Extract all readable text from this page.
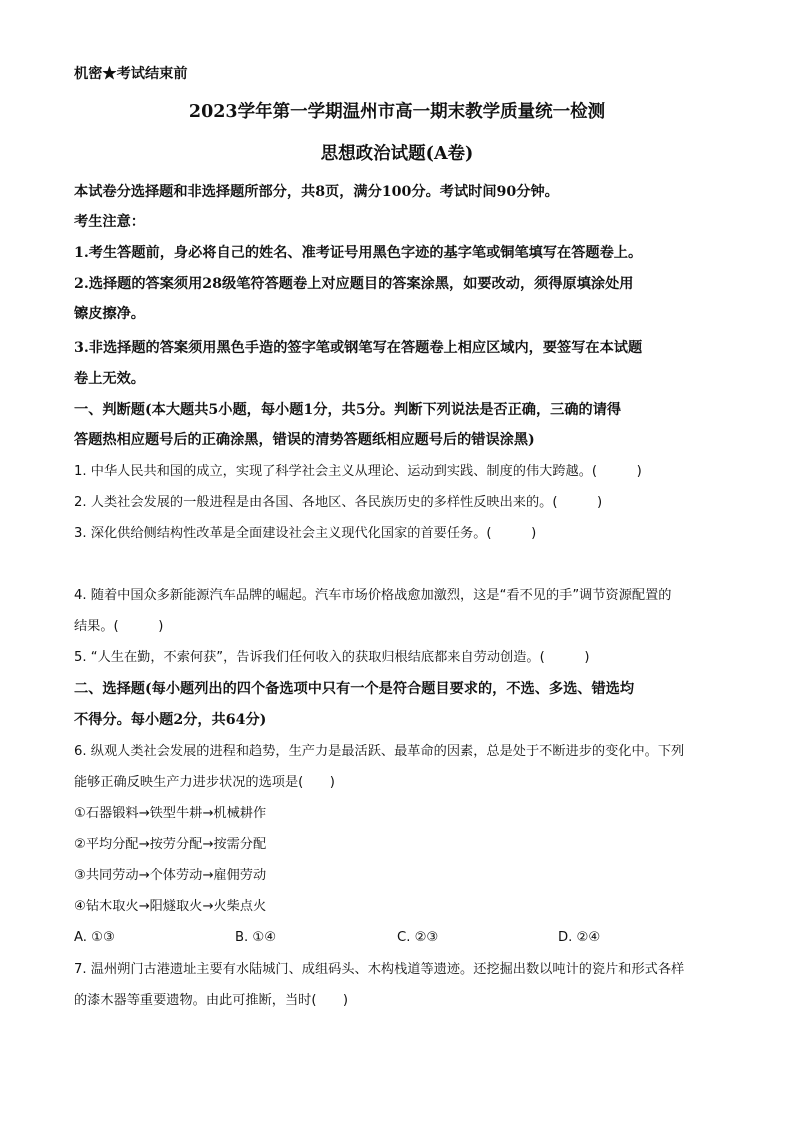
机密★考试结束前
2023学年第一学期温州市高一期末教学质量统一检测
思想政治试题(A卷)
本试卷分选择题和非选择题所部分，共8页，满分100分。考试时间90分钟。
考生注意：
1.考生答题前，身必将自己的姓名、准考证号用黑色字迹的基字笔或铜笔填写在答题卷上。
2.选择题的答案须用28级笔符答题卷上对应题目的答案涂黑，如要改动，须得原填涂处用
镲皮擦净。
3.非选择题的答案须用黑色手造的签字笔或钢笔写在答题卷上相应区域内，要签写在本试题
卷上无效。
一、判断题(本大题共5小题，每小题1分，共5分。判断下列说法是否正确，三确的请得
答题热相应题号后的正确涂黑，错误的清势答题纸相应题号后的错误涂黑)
1. 中华人民共和国的成立，实现了科学社会主义从理论、运动到实践、制度的伟大跨越。(　　　)
2. 人类社会发展的一般进程是由各国、各地区、各民族历史的多样性反映出来的。(　　　)
3. 深化供给侧结构性改革是全面建设社会主义现代化国家的首要任务。(　　　)
4. 随着中国众多新能源汽车品牌的崛起。汽车市场价格战愈加激烈，这是“看不见的手”调节资源配置的
结果。(　　　)
5. “人生在勤，不索何获”，告诉我们任何收入的获取归根结底都来自劳动创造。(　　　)
二、选择题(每小题列出的四个备选项中只有一个是符合题目要求的，不选、多选、错选均
不得分。每小题2分，共64分)
6. 纵观人类社会发展的进程和趋势，生产力是最活跃、最革命的因素，总是处于不断进步的变化中。下列
能够正确反映生产力进步状况的选项是(　　)
①石器锻料→铁型牛耕→机械耕作
②平均分配→按劳分配→按需分配
③共同劳动→个体劳动→雇佣劳动
④钻木取火→阳燧取火→火柴点火
A. ①③	B. ①④	C. ②③	D. ②④
7. 温州朔门古港遗址主要有水陆城门、成组码头、木构栈道等遗迹。还挖掘出数以吨计的瓷片和形式各样
的漆木器等重要遗物。由此可推断，当时(　　)
